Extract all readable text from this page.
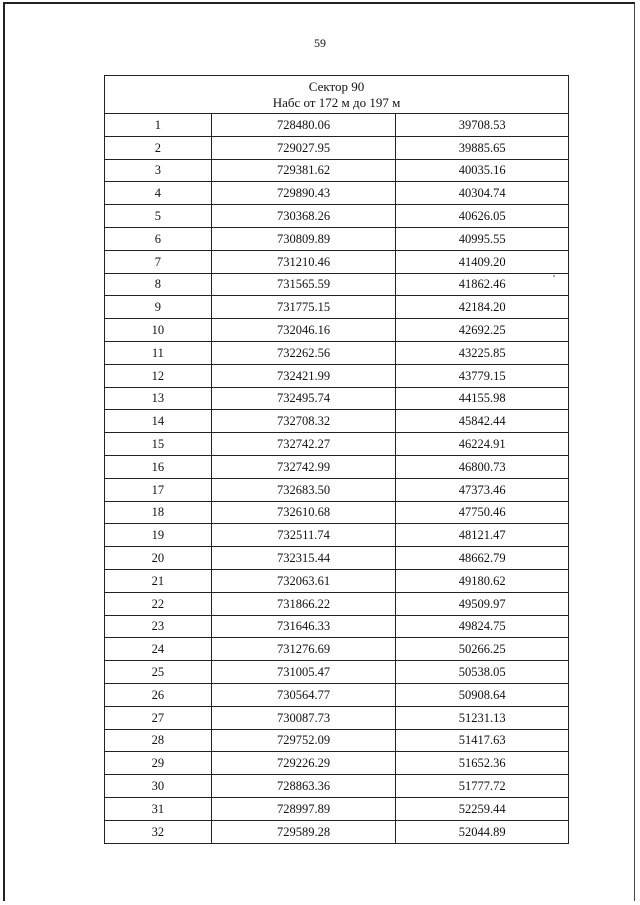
59
Сектор 90
Набс от 172 м до 197 м		

1	728480.06	39708.53
2	729027.95	39885.65
3	729381.62	40035.16
4	729890.43	40304.74
5	730368.26	40626.05
6	730809.89	40995.55
7	731210.46	41409.20
8	731565.59	41862.46
9	731775.15	42184.20
10	732046.16	42692.25
11	732262.56	43225.85
12	732421.99	43779.15
13	732495.74	44155.98
14	732708.32	45842.44
15	732742.27	46224.91
16	732742.99	46800.73
17	732683.50	47373.46
18	732610.68	47750.46
19	732511.74	48121.47
20	732315.44	48662.79
21	732063.61	49180.62
22	731866.22	49509.97
23	731646.33	49824.75
24	731276.69	50266.25
25	731005.47	50538.05
26	730564.77	50908.64
27	730087.73	51231.13
28	729752.09	51417.63
29	729226.29	51652.36
30	728863.36	51777.72
31	728997.89	52259.44
32	729589.28	52044.89
